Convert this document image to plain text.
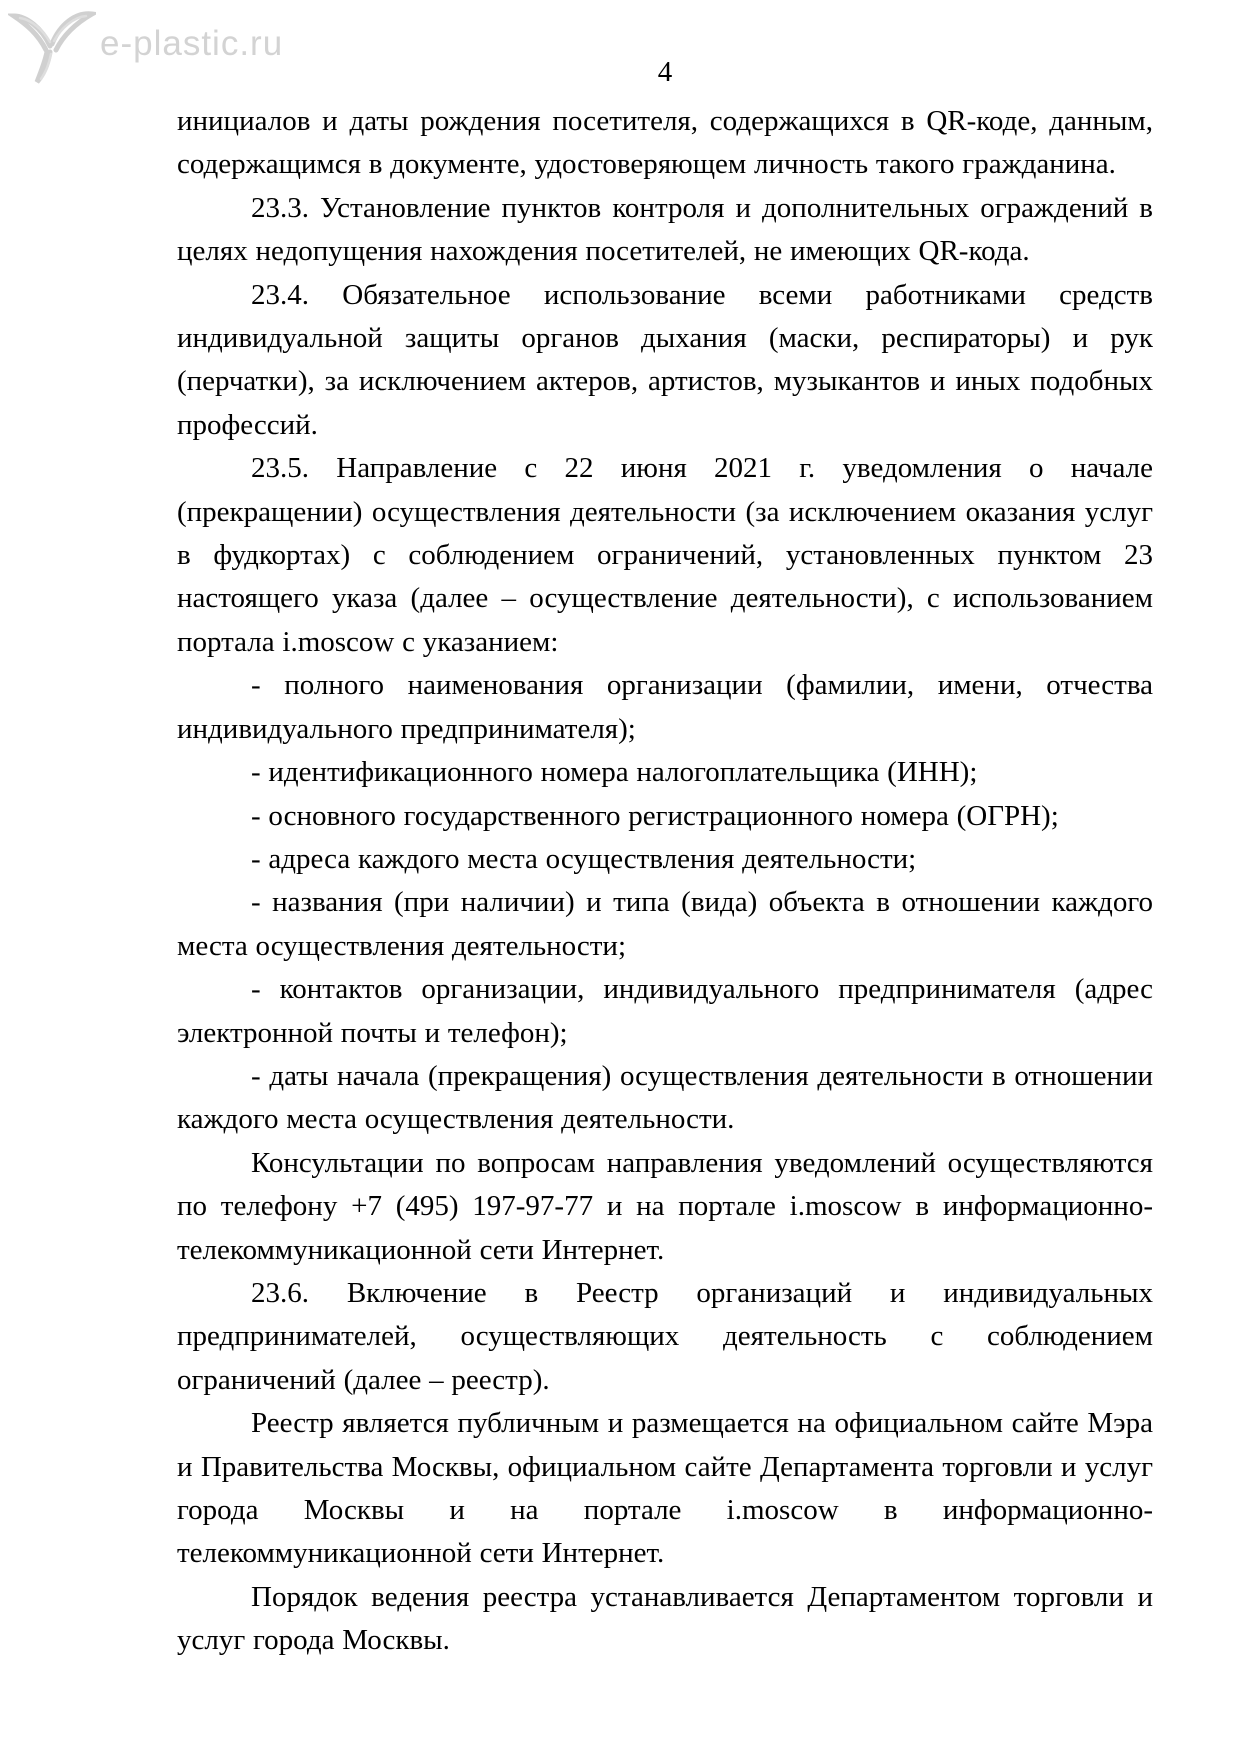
e-plastic.ru
4

инициалов и даты рождения посетителя, содержащихся в QR-коде, данным, содержащимся в документе, удостоверяющем личность такого гражданина.

23.3. Установление пунктов контроля и дополнительных ограждений в целях недопущения нахождения посетителей, не имеющих QR-кода.

23.4. Обязательное использование всеми работниками средств индивидуальной защиты органов дыхания (маски, респираторы) и рук (перчатки), за исключением актеров, артистов, музыкантов и иных подобных профессий.

23.5. Направление с 22 июня 2021 г. уведомления о начале (прекращении) осуществления деятельности (за исключением оказания услуг в фудкортах) с соблюдением ограничений, установленных пунктом 23 настоящего указа (далее – осуществление деятельности), с использованием портала i.moscow с указанием:

- полного наименования организации (фамилии, имени, отчества индивидуального предпринимателя);

- идентификационного номера налогоплательщика (ИНН);

- основного государственного регистрационного номера (ОГРН);

- адреса каждого места осуществления деятельности;

- названия (при наличии) и типа (вида) объекта в отношении каждого места осуществления деятельности;

- контактов организации, индивидуального предпринимателя (адрес электронной почты и телефон);

- даты начала (прекращения) осуществления деятельности в отношении каждого места осуществления деятельности.

Консультации по вопросам направления уведомлений осуществляются по телефону +7 (495) 197-97-77 и на портале i.moscow в информационно-телекоммуникационной сети Интернет.

23.6. Включение в Реестр организаций и индивидуальных предпринимателей, осуществляющих деятельность с соблюдением ограничений (далее – реестр).

Реестр является публичным и размещается на официальном сайте Мэра и Правительства Москвы, официальном сайте Департамента торговли и услуг города Москвы и на портале i.moscow в информационно-телекоммуникационной сети Интернет.

Порядок ведения реестра устанавливается Департаментом торговли и услуг города Москвы.
